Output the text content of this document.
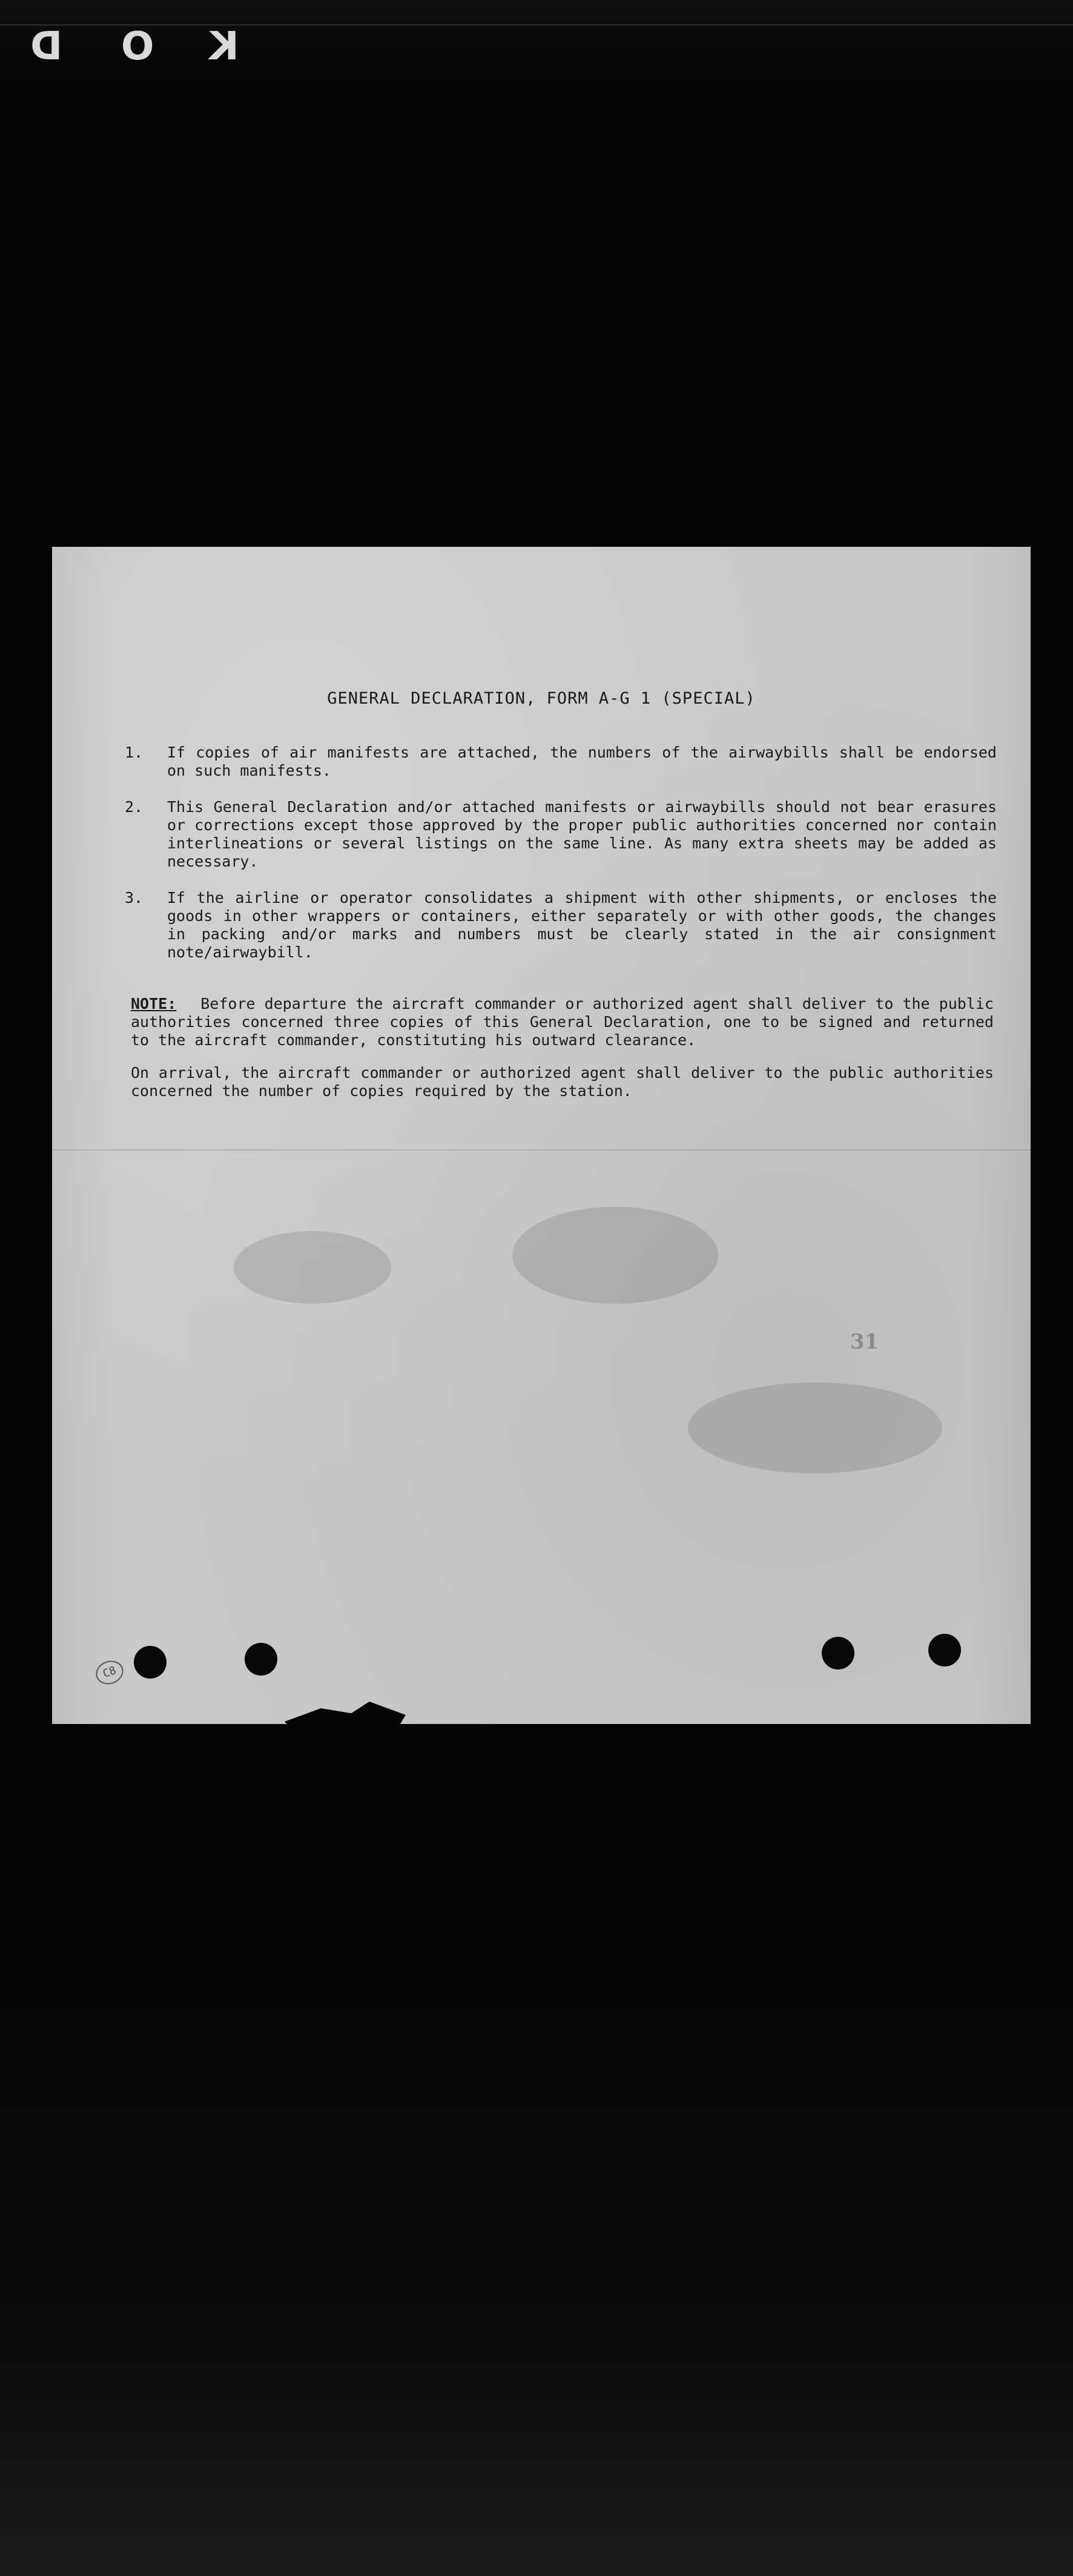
D O K
GENERAL DECLARATION, FORM A-G 1 (SPECIAL)
1. If copies of air manifests are attached, the numbers of the airwaybills shall be endorsed on such manifests.
2. This General Declaration and/or attached manifests or airwaybills should not bear erasures or corrections except those approved by the proper public authorities concerned nor contain interlineations or several listings on the same line. As many extra sheets may be added as necessary.
3. If the airline or operator consolidates a shipment with other shipments, or encloses the goods in other wrappers or containers, either separately or with other goods, the changes in packing and/or marks and numbers must be clearly stated in the air consignment note/airwaybill.
NOTE: Before departure the aircraft commander or authorized agent shall deliver to the public authorities concerned three copies of this General Declaration, one to be signed and returned to the aircraft commander, constituting his outward clearance.
On arrival, the aircraft commander or authorized agent shall deliver to the public authorities concerned the number of copies required by the station.
31
C8
